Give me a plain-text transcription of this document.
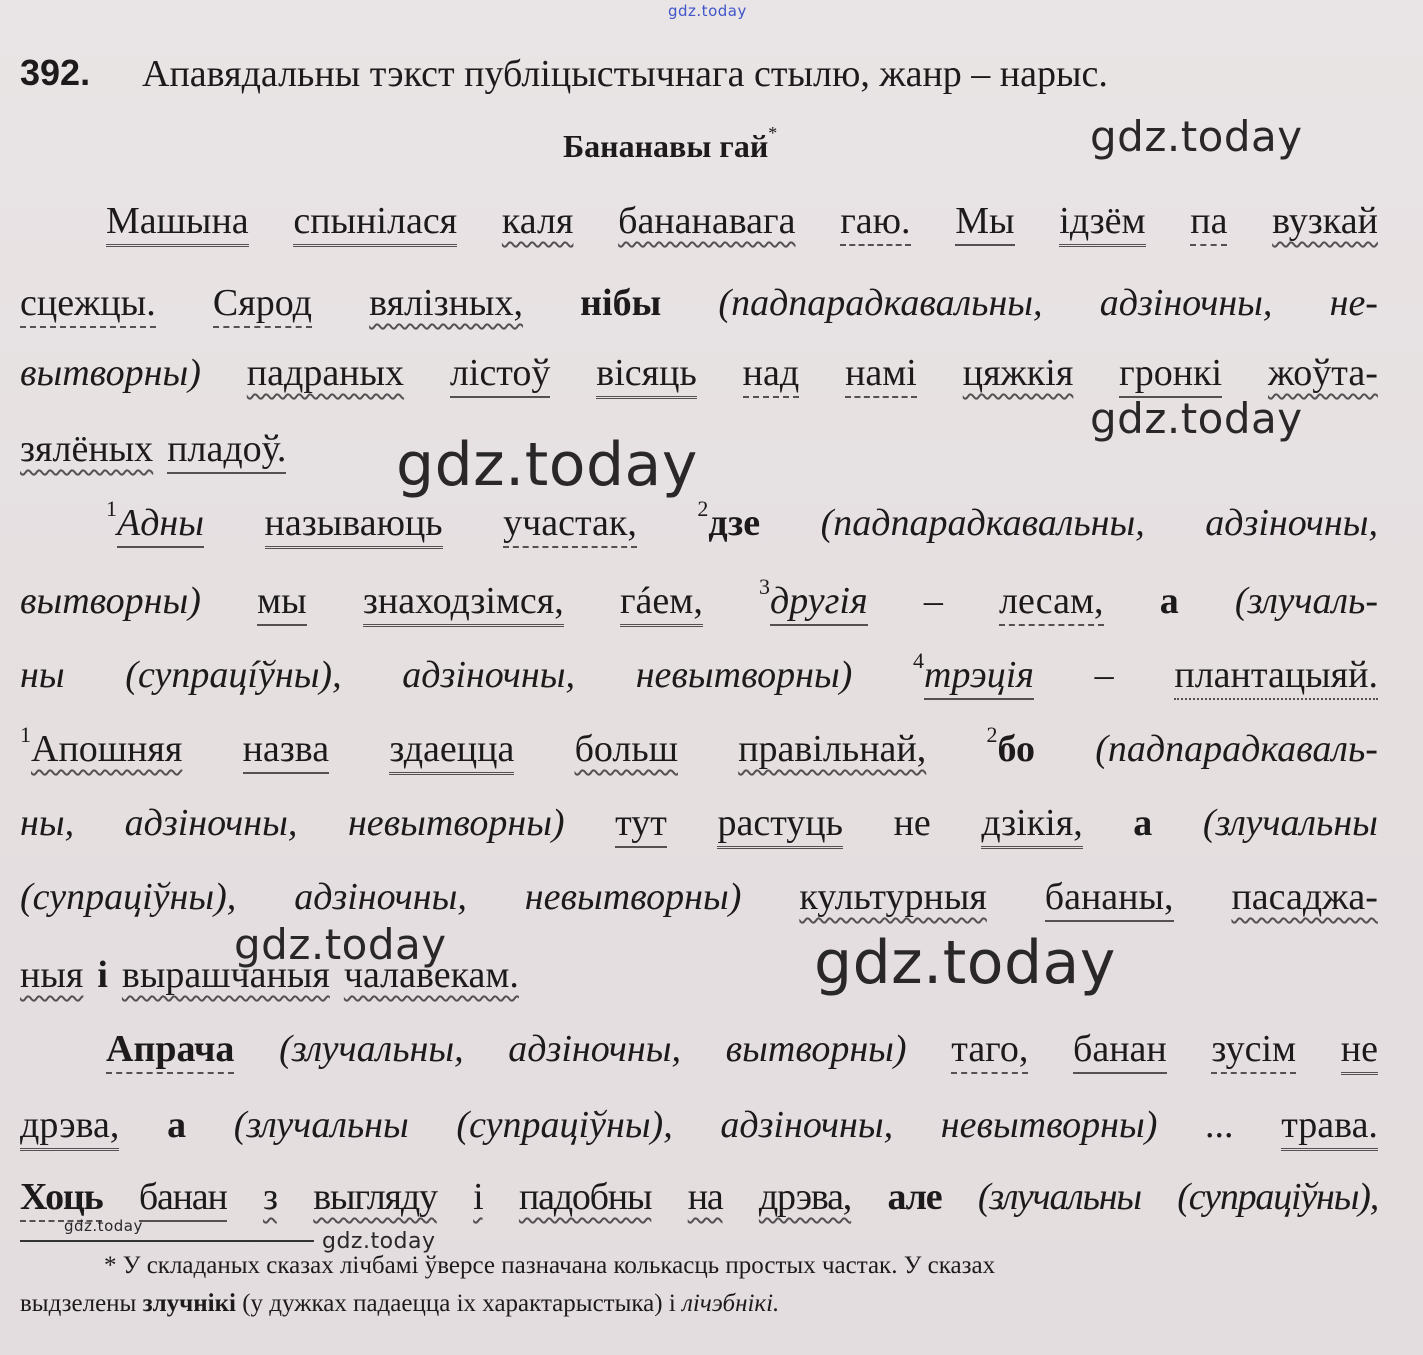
gdz.today
392. Апавядальны тэкст публіцыстычнага стылю, жанр – нарыс.
Бананавы гай*
Машына спынілася каля бананавага гаю. Мы ідзём па вузкай
сцежцы. Сярод вялізных, нібы (падпарадкавальны, адзіночны, не-
вытворны) падраных лістоў вісяць над намі цяжкія гронкі жоўта-
зялёных пладоў.
$^1$Адны называюць участак,	$^2$дзе (падпарадкавальны, адзіночны,
вытворны) мы знаходзімся, гáем,	$^3$другія – лесам, а (злучаль-
ны (супрацíўны), адзіночны, невытворны)	$^4$трэція – плантацыяй.
$^1$Апошняя назва здаецца больш правільнай,	$^2$бо (падпарадкаваль-
ны, адзіночны, невытворны) тут растуць не дзікія, а (злучальны
(супраціўны), адзіночны, невытворны) культурныя бананы, пасаджа-
ныя і вырашчаныя чалавекам.
Апрача (злучальны, адзіночны, вытворны) таго, банан зусім не
дрэва, а (злучальны (супраціўны), адзіночны, невытворны) ... трава.
Хоць банан з выгляду і падобны на дрэва, але (злучальны (супраціўны),
* У складаных сказах лічбамі ўверсе пазначана колькасць простых частак. У сказах
выдзелены злучнікі (у дужках падаецца іх характарыстыка) і лічэбнікі.
gdz.today
gdz.today
gdz.today
gdz.today	gdz.today
gdz.today
gdz.today
